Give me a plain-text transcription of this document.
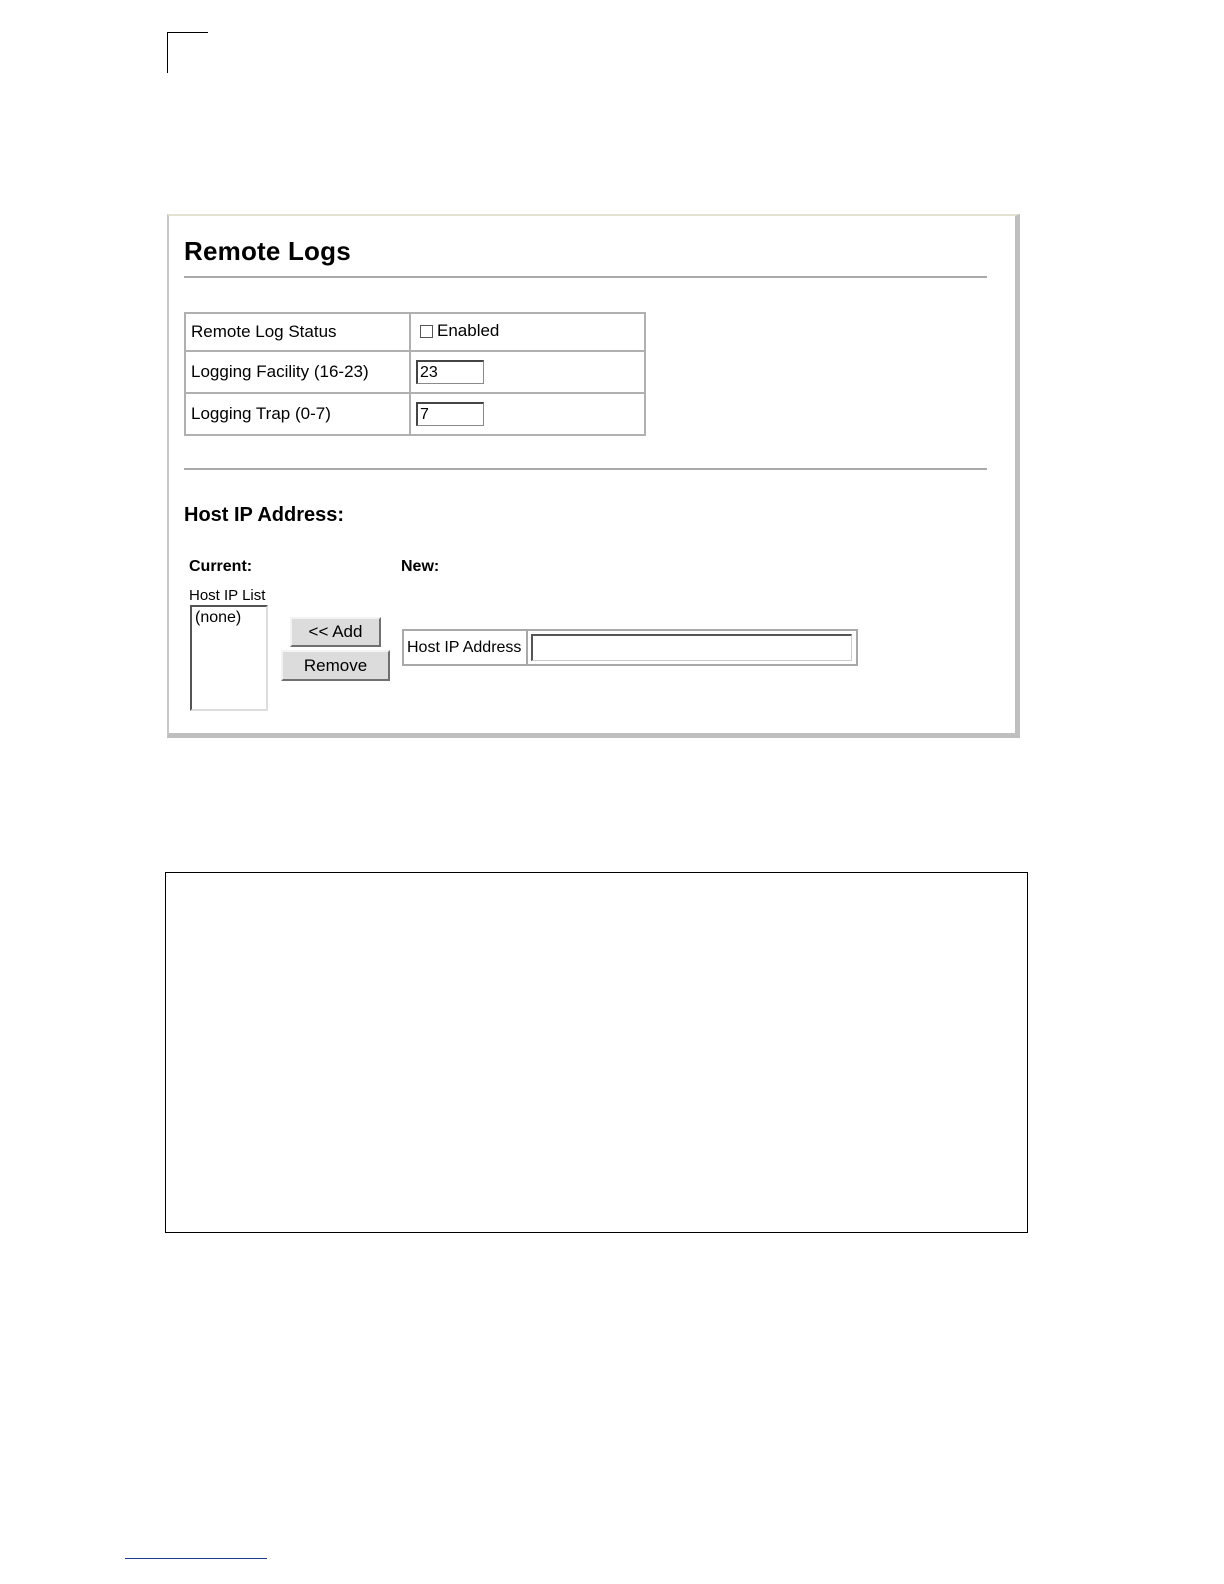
Remote Logs
Remote Log Status	Enabled

Logging Facility (16-23)	23
Logging Trap (0-7)	7
Host IP Address:
Current:	New:
Host IP List
(none)
<< Add
Remove
Host IP Address
